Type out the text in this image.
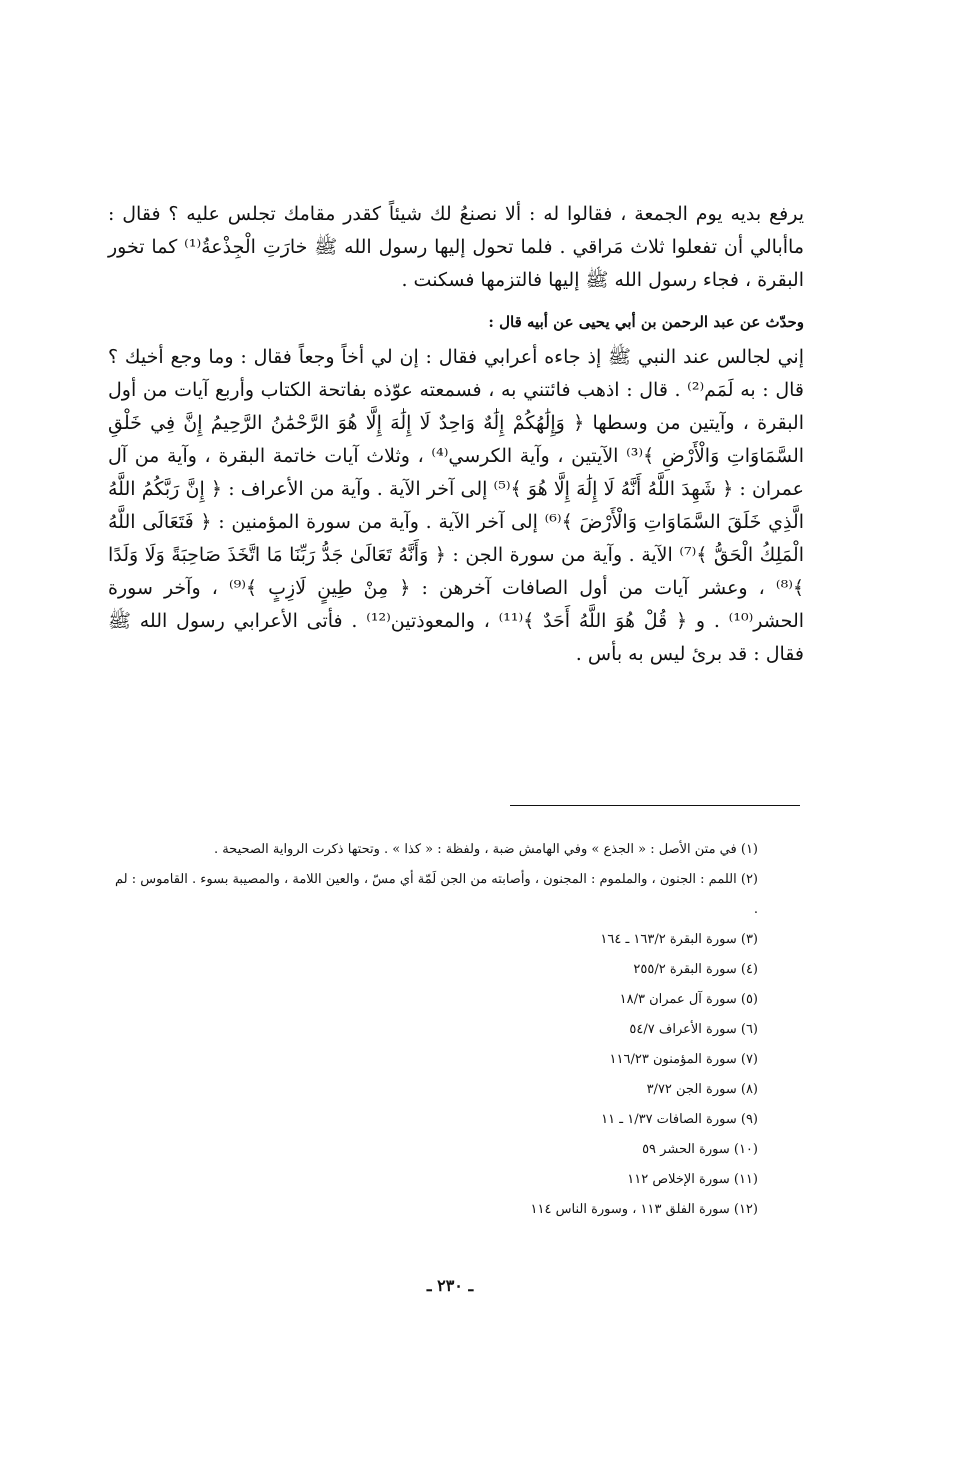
يرفع بديه يوم الجمعة ، فقالوا له : ألا نصنعُ لك شيئاً كقدر مقامك تجلس عليه ؟ فقال : ماأبالي أن تفعلوا ثلاث مَراقي . فلما تحول إليها رسول الله ﷺ خارَتِ الْجِذْعةُ⁽¹⁾ كما تخور البقرة ، فجاء رسول الله ﷺ إليها فالتزمها فسكنت .

وحدّث عن عبد الرحمن بن أبي يحيى عن أبيه قال :

إني لجالس عند النبي ﷺ إذ جاءه أعرابي فقال : إن لي أخاً وجعاً فقال : وما وجع أخيك ؟ قال : به لَمَم⁽²⁾ . قال : اذهب فائتني به ، فسمعته عوّذه بفاتحة الكتاب وأربع آيات من أول البقرة ، وآيتين من وسطها ﴿ وَإِلَٰهُكُمْ إِلَٰهٌ وَاحِدٌ لَا إِلَٰهَ إِلَّا هُوَ الرَّحْمَٰنُ الرَّحِيمُ إِنَّ فِي خَلْقِ السَّمَاوَاتِ وَالْأَرْضِ ﴾⁽³⁾ الآيتين ، وآية الكرسي⁽⁴⁾ ، وثلاث آيات خاتمة البقرة ، وآية من آل عمران : ﴿ شَهِدَ اللَّهُ أَنَّهُ لَا إِلَٰهَ إِلَّا هُوَ ﴾⁽⁵⁾ إلى آخر الآية . وآية من الأعراف : ﴿ إِنَّ رَبَّكُمُ اللَّهُ الَّذِي خَلَقَ السَّمَاوَاتِ وَالْأَرْضَ ﴾⁽⁶⁾ إلى آخر الآية . وآية من سورة المؤمنين : ﴿ فَتَعَالَى اللَّهُ الْمَلِكُ الْحَقُّ ﴾⁽⁷⁾ الآية . وآية من سورة الجن : ﴿ وَأَنَّهُ تَعَالَىٰ جَدُّ رَبِّنَا مَا اتَّخَذَ صَاحِبَةً وَلَا وَلَدًا ﴾⁽⁸⁾ ، وعشر آيات من أول الصافات آخرهن : ﴿ مِنْ طِينٍ لَازِبٍ ﴾⁽⁹⁾ ، وآخر سورة الحشر⁽¹⁰⁾ . و ﴿ قُلْ هُوَ اللَّهُ أَحَدٌ ﴾⁽¹¹⁾ ، والمعوذتين⁽¹²⁾ . فأتى الأعرابي رسول الله ﷺ فقال : قد برئ ليس به بأس .

(١) في متن الأصل : « الجذع » وفي الهامش ضبة ، ولفظة : « كذا » . وتحتها ذكرت الرواية الصحيحة .

(٢) اللمم : الجنون ، والملموم : المجنون ، وأصابته من الجن لَمّة أي مسّ ، والعين اللامة ، والمصيبة بسوء . القاموس : لم .

(٣) سورة البقرة ١٦٣/٢ ـ ١٦٤

(٤) سورة البقرة ٢٥٥/٢

(٥) سورة آل عمران ١٨/٣

(٦) سورة الأعراف ٥٤/٧

(٧) سورة المؤمنون ١١٦/٢٣

(٨) سورة الجن ٣/٧٢

(٩) سورة الصافات ١/٣٧ ـ ١١

(١٠) سورة الحشر ٥٩

(١١) سورة الإخلاص ١١٢

(١٢) سورة الفلق ١١٣ ، وسورة الناس ١١٤

ـ ٢٣٠ ـ
